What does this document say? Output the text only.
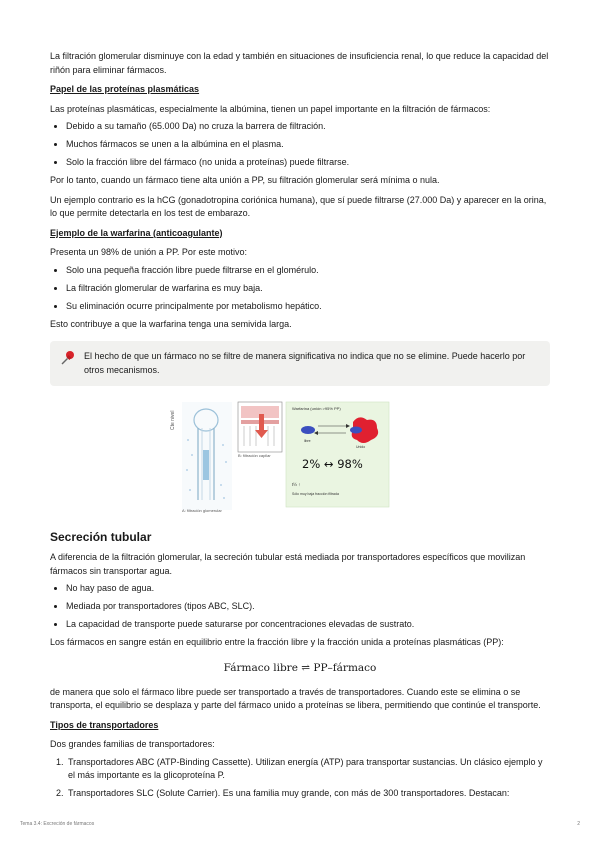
La filtración glomerular disminuye con la edad y también en situaciones de insuficiencia renal, lo que reduce la capacidad del riñón para eliminar fármacos.

Papel de las proteínas plasmáticas

Las proteínas plasmáticas, especialmente la albúmina, tienen un papel importante en la filtración de fármacos:

• Debido a su tamaño (65.000 Da) no cruza la barrera de filtración.
• Muchos fármacos se unen a la albúmina en el plasma.
• Solo la fracción libre del fármaco (no unida a proteínas) puede filtrarse.

Por lo tanto, cuando un fármaco tiene alta unión a PP, su filtración glomerular será mínima o nula.

Un ejemplo contrario es la hCG (gonadotropina coriónica humana), que sí puede filtrarse (27.000 Da) y aparecer en la orina, lo que permite detectarla en los test de embarazo.

Ejemplo de la warfarina (anticoagulante)

Presenta un 98% de unión a PP. Por este motivo:

• Solo una pequeña fracción libre puede filtrarse en el glomérulo.
• La filtración glomerular de warfarina es muy baja.
• Su eliminación ocurre principalmente por metabolismo hepático.

Esto contribuye a que la warfarina tenga una semivida larga.

El hecho de que un fármaco no se filtre de manera significativa no indica que no se elimine. Puede hacerlo por otros mecanismos.

Cte nivel
A: filtración glomerular
B: filtración capilar
Warfarina (unión >95% PP)
libre
Unido
2% ↔ 98%
t½ ↑
Sólo muy baja fracción filtrada

Secreción tubular

A diferencia de la filtración glomerular, la secreción tubular está mediada por transportadores específicos que movilizan fármacos sin transportar agua.

• No hay paso de agua.
• Mediada por transportadores (tipos ABC, SLC).
• La capacidad de transporte puede saturarse por concentraciones elevadas de sustrato.

Los fármacos en sangre están en equilibrio entre la fracción libre y la fracción unida a proteínas plasmáticas (PP):

Fármaco libre ⇌ PP–fármaco

de manera que solo el fármaco libre puede ser transportado a través de transportadores. Cuando este se elimina o se transporta, el equilibrio se desplaza y parte del fármaco unido a proteínas se libera, permitiendo que continúe el transporte.

Tipos de transportadores

Dos grandes familias de transportadores:

1. Transportadores ABC (ATP-Binding Cassette). Utilizan energía (ATP) para transportar sustancias. Un clásico ejemplo y el más importante es la glicoproteína P.
2. Transportadores SLC (Solute Carrier). Es una familia muy grande, con más de 300 transportadores. Destacan:
Tema 3.4: Excreción de fármacos	2
